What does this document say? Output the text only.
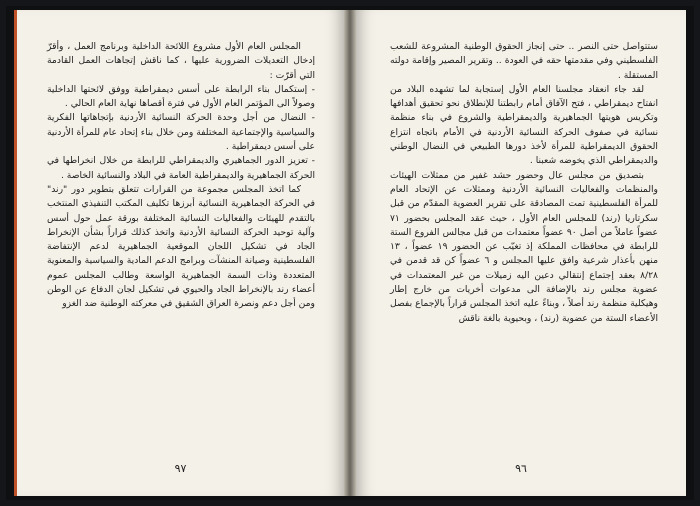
المجلس العام الأول مشروع اللائحة الداخلية وبرنامج العمل ، وأقرّ إدخال التعديلات الضرورية عليها ، كما ناقش إتجاهات العمل القادمة التي أقرّت :

- إستكمال بناء الرابطة على أسس ديمقراطية ووفق لائحتها الداخلية وصولاً الى المؤتمر العام الأول في فترة أقصاها نهاية العام الحالي .

- النضال من أجل وحدة الحركة النسائية الأردنية بإتجاهاتها الفكرية والسياسية والإجتماعية المختلفة ومن خلال بناء إتحاد عام للمرأة الأردنية على أسس ديمقراطية .

- تعزيز الدور الجماهيري والديمقراطي للرابطة من خلال انخراطها في الحركة الجماهيرية والديمقراطية العامة في البلاد والنسائية الخاصة .

كما اتخذ المجلس مجموعة من القرارات تتعلق بتطوير دور "رند" في الحركة الجماهيرية النسائية أبرزها تكليف المكتب التنفيذي المنتخب بالتقدم للهيئات والفعاليات النسائية المختلفة بورقة عمل حول أسس وآلية توحيد الحركة النسائية الأردنية واتخذ كذلك قراراً بشأن الإنخراط الجاد في تشكيل اللجان الموقعية الجماهيرية لدعم الإنتفاضة الفلسطينية وصيانة المنشآت وبرامج الدعم المادية والسياسية والمعنوية المتعددة وذات السمة الجماهيرية الواسعة وطالب المجلس عموم أعضاء رند بالإنخراط الجاد والحيوي في تشكيل لجان الدفاع عن الوطن ومن أجل دعم ونصرة العراق الشقيق في معركته الوطنية ضد الغزو

٩٧

ستتواصل حتى النصر .. حتى إنجاز الحقوق الوطنية المشروعة للشعب الفلسطيني وفي مقدمتها حقه في العودة .. وتقرير المصير وإقامة دولته المستقلة .

لقد جاء انعقاد مجلسنا العام الأول إستجابة لما تشهده البلاد من انفتاح ديمقراطي ، فتح الآفاق أمام رابطتنا للإنطلاق نحو تحقيق أهدافها وتكريس هويتها الجماهيرية والديمقراطية والشروع في بناء منظمة نسائية في صفوف الحركة النسائية الأردنية في الأمام باتجاه انتزاع الحقوق الديمقراطية للمرأة لأخذ دورها الطبيعي في النضال الوطني والديمقراطي الذي يخوضه شعبنا .

بتصديق من مجلس عال وحضور حشد غفير من ممثلات الهيئات والمنظمات والفعاليات النسائية الأردنية وممثلات عن الإتحاد العام للمرأة الفلسطينية تمت المصادقة على تقرير العضوية المقدّم من قبل سكرتاريا (رند) للمجلس العام الأول ، حيث عقد المجلس بحضور ٧١ عضواً عاملاً من أصل ٩٠ عضواً معتمدات من قبل مجالس الفروع الستة للرابطة في محافظات المملكة إذ تغيّب عن الحضور ١٩ عضواً ، ١٣ منهن بأعذار شرعية وافق عليها المجلس و ٦ عضواً كن قد قدمن في ٨/٢٨ بعقد إجتماع إنتقالي دعين اليه زميلات من غير المعتمدات في عضوية مجلس رند بالإضافة الى مدعوات أخريات من خارج إطار وهيكلية منظمة رند أصلاً ، وبناءً عليه اتخذ المجلس قراراً بالإجماع بفصل الأعضاء الستة من عضوية (رند) ، وبحيوية بالغة ناقش

٩٦
